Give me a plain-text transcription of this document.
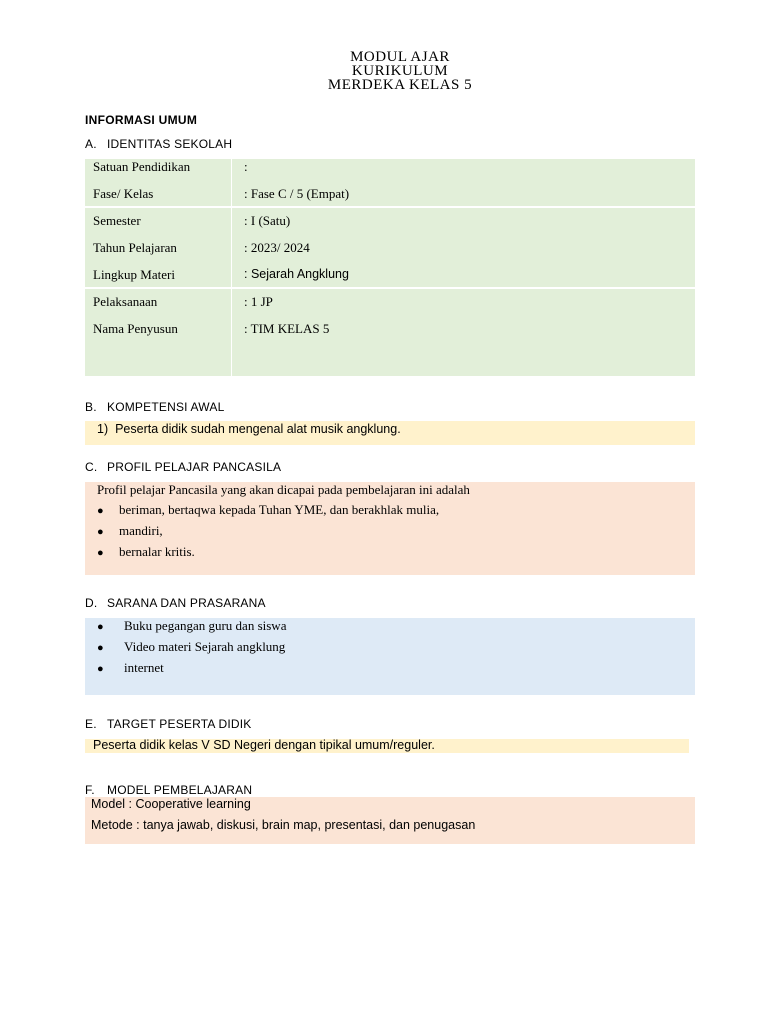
MODUL AJAR
KURIKULUM
MERDEKA KELAS 5
INFORMASI UMUM
A. IDENTITAS SEKOLAH
Satuan Pendidikan	:
Fase/ Kelas	: Fase C / 5 (Empat)
Semester	: I (Satu)
Tahun Pelajaran	: 2023/ 2024
Lingkup Materi	: Sejarah Angklung
Pelaksanaan	: 1 JP
Nama Penyusun	: TIM KELAS 5
B. KOMPETENSI AWAL
1) Peserta didik sudah mengenal alat musik angklung.
C. PROFIL PELAJAR PANCASILA
Profil pelajar Pancasila yang akan dicapai pada pembelajaran ini adalah
● beriman, bertaqwa kepada Tuhan YME, dan berakhlak mulia,
● mandiri,
● bernalar kritis.
D. SARANA DAN PRASARANA
● Buku pegangan guru dan siswa
● Video materi Sejarah angklung
● internet
E. TARGET PESERTA DIDIK
Peserta didik kelas V SD Negeri dengan tipikal umum/reguler.
F. MODEL PEMBELAJARAN
Model : Cooperative learning
Metode : tanya jawab, diskusi, brain map, presentasi, dan penugasan
